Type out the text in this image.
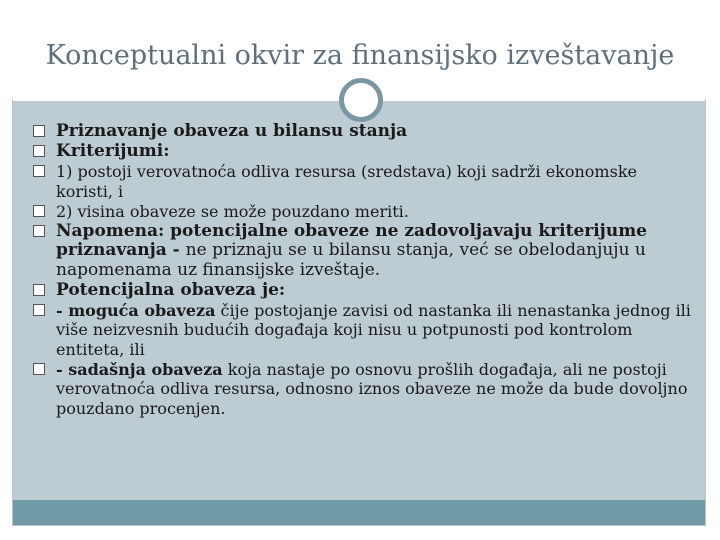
Konceptualni okvir za finansijsko izveštavanje
Priznavanje obaveza u bilansu stanja
Kriterijumi:
1) postoji verovatnoća odliva resursa (sredstava) koji sadrži ekonomske koristi, i
2) visina obaveze se može pouzdano meriti.
Napomena: potencijalne obaveze ne zadovoljavaju kriterijume priznavanja - ne priznaju se u bilansu stanja, već se obelodanjuju u napomenama uz finansijske izveštaje.
Potencijalna obaveza je:
- moguća obaveza čije postojanje zavisi od nastanka ili nenastanka jednog ili više neizvesnih budućih događaja koji nisu u potpunosti pod kontrolom entiteta, ili
- sadašnja obaveza koja nastaje po osnovu prošlih događaja, ali ne postoji verovatnoća odliva resursa, odnosno iznos obaveze ne može da bude dovoljno pouzdano procenjen.
